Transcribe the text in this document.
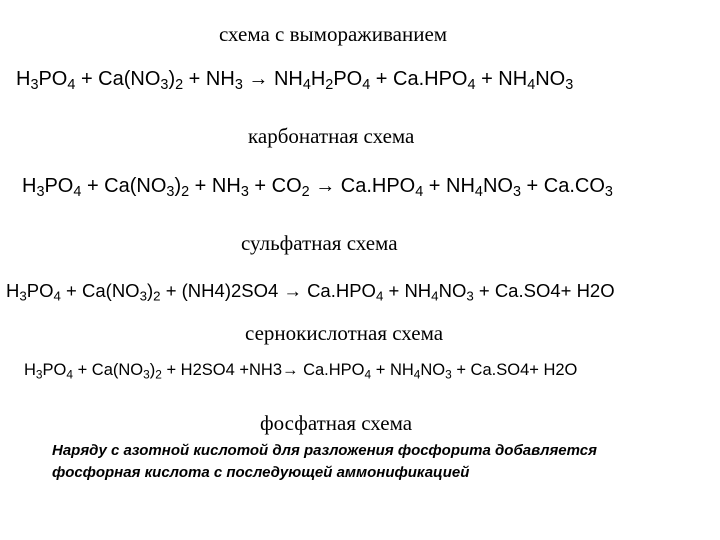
схема с вымораживанием
$H_3PO_4 + Ca(NO_3)_2 + NH_3 \to NH_4H_2PO_4 + Ca.HPO_4 + NH_4NO_3$
карбонатная схема
$H_3PO_4 + Ca(NO_3)_2 + NH_3 + CO_2 \to Ca.HPO_4 + NH_4NO_3 + Ca.CO_3$
сульфатная схема
$H_3PO_4 + Ca(NO_3)_2 + (NH4)2SO4 \to Ca.HPO_4 + NH_4NO_3 + Ca.SO4+ H2O$
сернокислотная схема
$H_3PO_4 + Ca(NO_3)_2 + H2SO4 +NH3\to Ca.HPO_4 + NH_4NO_3 + Ca.SO4+ H2O$
фосфатная схема
Наряду с азотной кислотой для разложения фосфорита добавляется
фосфорная кислота с последующей аммонификацией
